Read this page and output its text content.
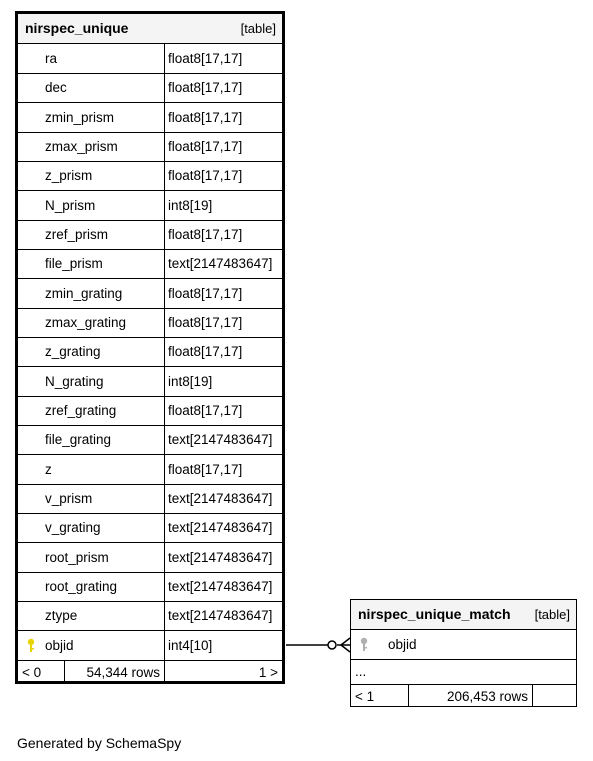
nirspec_unique	[table]
ra	float8[17,17]
dec	float8[17,17]
zmin_prism	float8[17,17]
zmax_prism	float8[17,17]
z_prism	float8[17,17]
N_prism	int8[19]
zref_prism	float8[17,17]
file_prism	text[2147483647]
zmin_grating	float8[17,17]
zmax_grating	float8[17,17]
z_grating	float8[17,17]
N_grating	int8[19]
zref_grating	float8[17,17]
file_grating	text[2147483647]
z	float8[17,17]
v_prism	text[2147483647]
v_grating	text[2147483647]
root_prism	text[2147483647]
root_grating	text[2147483647]
ztype	text[2147483647]
objid	int4[10]
< 0	54,344 rows	1 >
nirspec_unique_match [table]
objid
...
< 1	206,453 rows
Generated by SchemaSpy
